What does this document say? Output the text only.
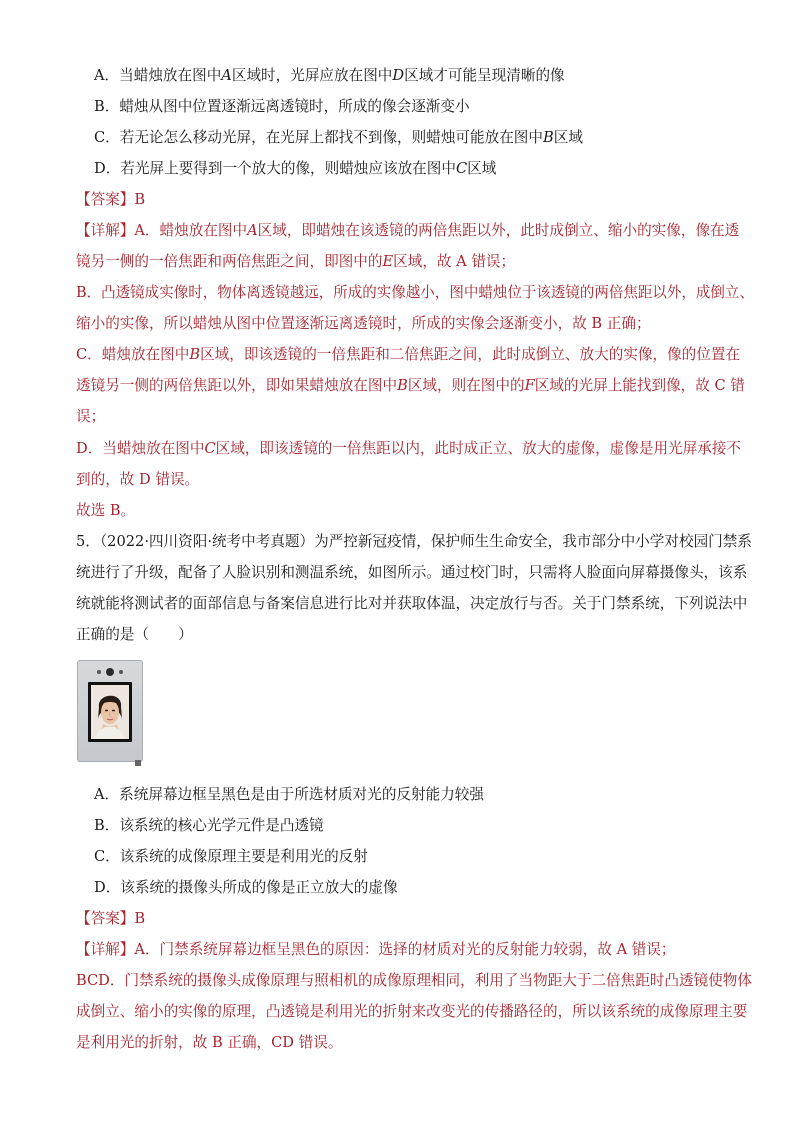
A．当蜡烛放在图中A区域时，光屏应放在图中D区域才可能呈现清晰的像
B．蜡烛从图中位置逐渐远离透镜时，所成的像会逐渐变小
C．若无论怎么移动光屏，在光屏上都找不到像，则蜡烛可能放在图中B区域
D．若光屏上要得到一个放大的像，则蜡烛应该放在图中C区域
【答案】B
【详解】A．蜡烛放在图中A区域，即蜡烛在该透镜的两倍焦距以外，此时成倒立、缩小的实像，像在透
镜另一侧的一倍焦距和两倍焦距之间，即图中的E区域，故 A 错误；
B．凸透镜成实像时，物体离透镜越远，所成的实像越小，图中蜡烛位于该透镜的两倍焦距以外，成倒立、
缩小的实像，所以蜡烛从图中位置逐渐远离透镜时，所成的实像会逐渐变小，故 B 正确；
C．蜡烛放在图中B区域，即该透镜的一倍焦距和二倍焦距之间，此时成倒立、放大的实像，像的位置在
透镜另一侧的两倍焦距以外，即如果蜡烛放在图中B区域，则在图中的F区域的光屏上能找到像，故 C 错
误；
D．当蜡烛放在图中C区域，即该透镜的一倍焦距以内，此时成正立、放大的虚像，虚像是用光屏承接不
到的，故 D 错误。
故选 B。
5．（2022·四川资阳·统考中考真题）为严控新冠疫情，保护师生生命安全，我市部分中小学对校园门禁系
统进行了升级，配备了人脸识别和测温系统，如图所示。通过校门时，只需将人脸面向屏幕摄像头，该系
统就能将测试者的面部信息与备案信息进行比对并获取体温，决定放行与否。关于门禁系统，下列说法中
正确的是（　　）
A．系统屏幕边框呈黑色是由于所选材质对光的反射能力较强
B．该系统的核心光学元件是凸透镜
C．该系统的成像原理主要是利用光的反射
D．该系统的摄像头所成的像是正立放大的虚像
【答案】B
【详解】A．门禁系统屏幕边框呈黑色的原因：选择的材质对光的反射能力较弱，故 A 错误；
BCD．门禁系统的摄像头成像原理与照相机的成像原理相同，利用了当物距大于二倍焦距时凸透镜使物体
成倒立、缩小的实像的原理，凸透镜是利用光的折射来改变光的传播路径的，所以该系统的成像原理主要
是利用光的折射，故 B 正确，CD 错误。
